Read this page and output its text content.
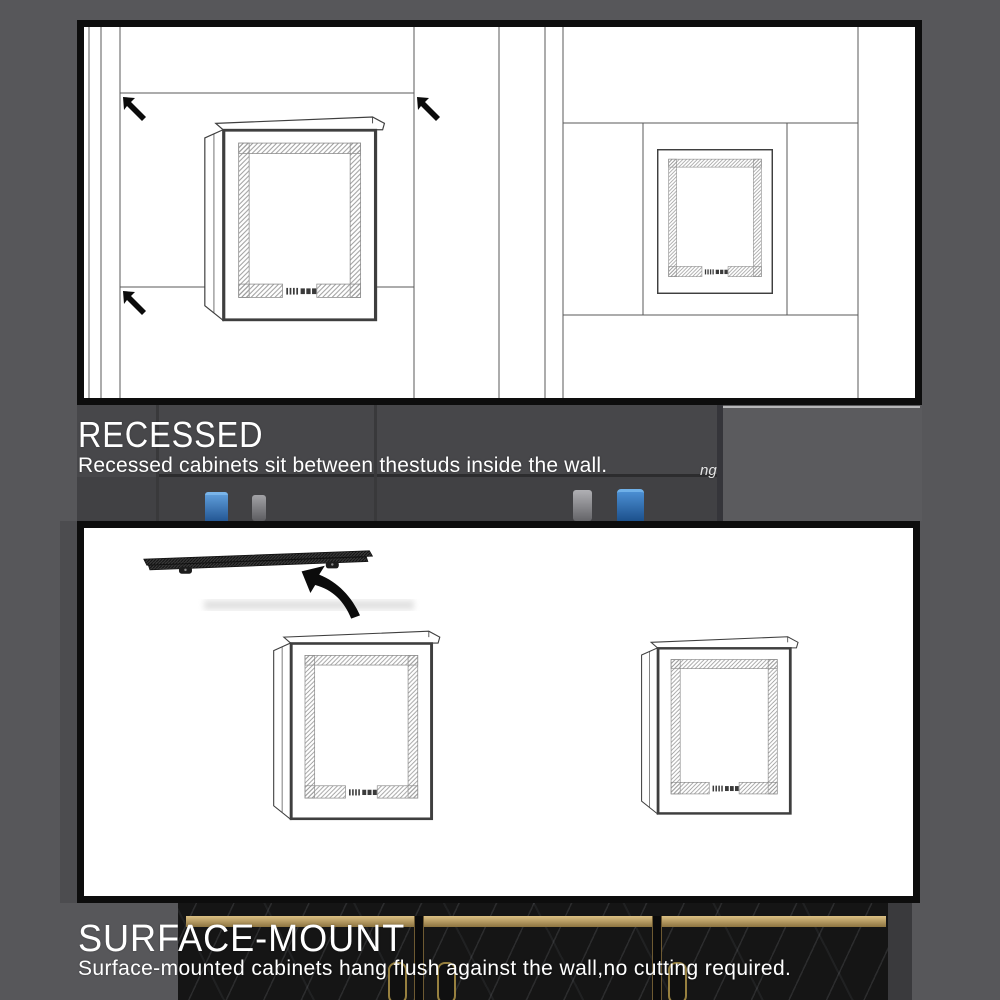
ng
RECESSED
Recessed cabinets sit between thestuds inside the wall.
SURFACE-MOUNT
Surface-mounted cabinets hang flush against the wall,no cutting required.
